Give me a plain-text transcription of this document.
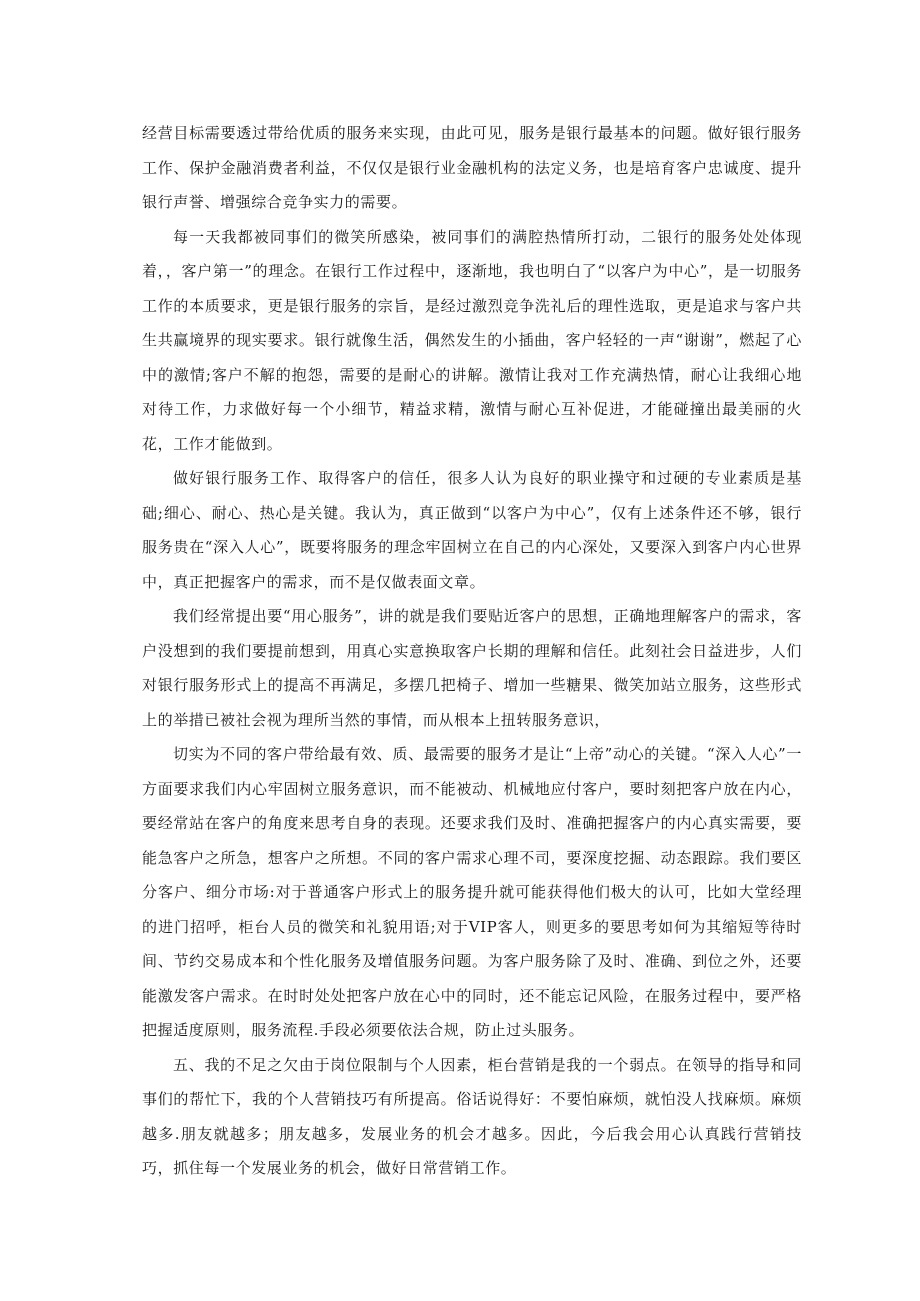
经营目标需要透过带给优质的服务来实现，由此可见，服务是银行最基本的问题。做好银行服务工作、保护金融消费者利益，不仅仅是银行业金融机构的法定义务，也是培育客户忠诚度、提升银行声誉、增强综合竞争实力的需要。

每一天我都被同事们的微笑所感染，被同事们的满腔热情所打动，二银行的服务处处体现着，，客户第一”的理念。在银行工作过程中，逐渐地，我也明白了“以客户为中心”，是一切服务工作的本质要求，更是银行服务的宗旨，是经过激烈竞争洗礼后的理性选取，更是追求与客户共生共赢境界的现实要求。银行就像生活，偶然发生的小插曲，客户轻轻的一声“谢谢”，燃起了心中的激情;客户不解的抱怨，需要的是耐心的讲解。激情让我对工作充满热情，耐心让我细心地对待工作，力求做好每一个小细节，精益求精，激情与耐心互补促进，才能碰撞出最美丽的火花，工作才能做到。

做好银行服务工作、取得客户的信任，很多人认为良好的职业操守和过硬的专业素质是基础;细心、耐心、热心是关键。我认为，真正做到“以客户为中心”，仅有上述条件还不够，银行服务贵在“深入人心”，既要将服务的理念牢固树立在自己的内心深处，又要深入到客户内心世界中，真正把握客户的需求，而不是仅做表面文章。

我们经常提出要“用心服务”，讲的就是我们要贴近客户的思想，正确地理解客户的需求，客户没想到的我们要提前想到，用真心实意换取客户长期的理解和信任。此刻社会日益进步，人们对银行服务形式上的提高不再满足，多摆几把椅子、增加一些糖果、微笑加站立服务，这些形式上的举措已被社会视为理所当然的事情，而从根本上扭转服务意识，

切实为不同的客户带给最有效、质、最需要的服务才是让“上帝”动心的关键。“深入人心”一方面要求我们内心牢固树立服务意识，而不能被动、机械地应付客户，要时刻把客户放在内心，要经常站在客户的角度来思考自身的表现。还要求我们及时、准确把握客户的内心真实需要，要能急客户之所急，想客户之所想。不同的客户需求心理不司，要深度挖掘、动态跟踪。我们要区分客户、细分市场:对于普通客户形式上的服务提升就可能获得他们极大的认可，比如大堂经理的进门招呼，柜台人员的微笑和礼貌用语;对于VIP客人，则更多的要思考如何为其缩短等待时间、节约交易成本和个性化服务及增值服务问题。为客户服务除了及时、准确、到位之外，还要能激发客户需求。在时时处处把客户放在心中的同时，还不能忘记风险，在服务过程中，要严格把握适度原则，服务流程.手段必须要依法合规，防止过头服务。

五、我的不足之欠由于岗位限制与个人因素，柜台营销是我的一个弱点。在领导的指导和同事们的帮忙下，我的个人营销技巧有所提高。俗话说得好：不要怕麻烦，就怕没人找麻烦。麻烦越多.朋友就越多；朋友越多，发展业务的机会才越多。因此，今后我会用心认真践行营销技巧，抓住每一个发展业务的机会，做好日常营销工作。
